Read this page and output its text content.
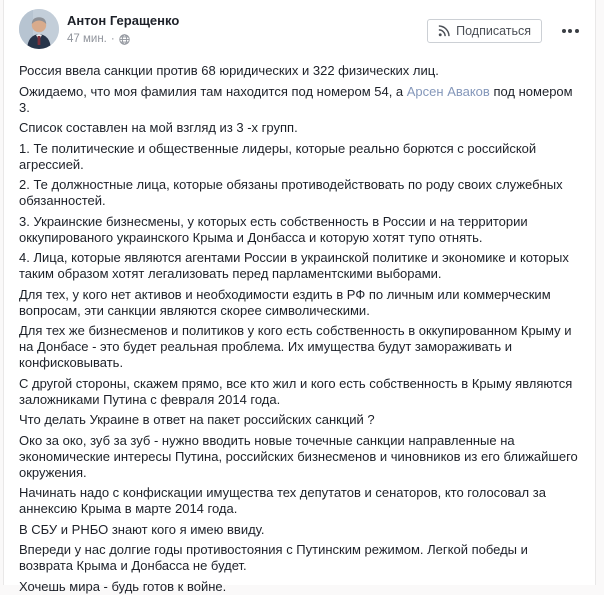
Антон Геращенко
47 мин. ·
Подписаться

Россия ввела санкции против 68 юридических и 322 физических лиц.

Ожидаемо, что моя фамилия там находится под номером 54, а Арсен Аваков под номером 3.

Список составлен на мой взгляд из 3 -х групп.

1. Те политические и общественные лидеры, которые реально борются с российской агрессией.

2. Те должностные лица, которые обязаны противодействовать по роду своих служебных обязанностей.

3. Украинские бизнесмены, у которых есть собственность в России и на территории оккупированого украинского Крыма и Донбасса и которую хотят тупо отнять.

4. Лица, которые являются агентами России в украинской политике и экономике и которых таким образом хотят легализовать перед парламентскими выборами.

Для тех, у кого нет активов и необходимости ездить в РФ по личным или коммерческим вопросам, эти санкции являются скорее символическими.

Для тех же бизнесменов и политиков у кого есть собственность в оккупированном Крыму и на Донбасе - это будет реальная проблема. Их имущества будут замораживать и конфисковывать.

С другой стороны, скажем прямо, все кто жил и кого есть собственность в Крыму являются заложниками Путина с февраля 2014 года.

Что делать Украине в ответ на пакет российских санкций ?

Око за око, зуб за зуб - нужно вводить новые точечные санкции направленные на экономические интересы Путина, российских бизнесменов и чиновников из его ближайшего окружения.

Начинать надо с конфискации имущества тех депутатов и сенаторов, кто голосовал за аннексию Крыма в марте 2014 года.

В СБУ и РНБО знают кого я имею ввиду.

Впереди у нас долгие годы противостояния с Путинским режимом. Легкой победы и возврата Крыма и Донбасса не будет.

Хочешь мира - будь готов к войне.
